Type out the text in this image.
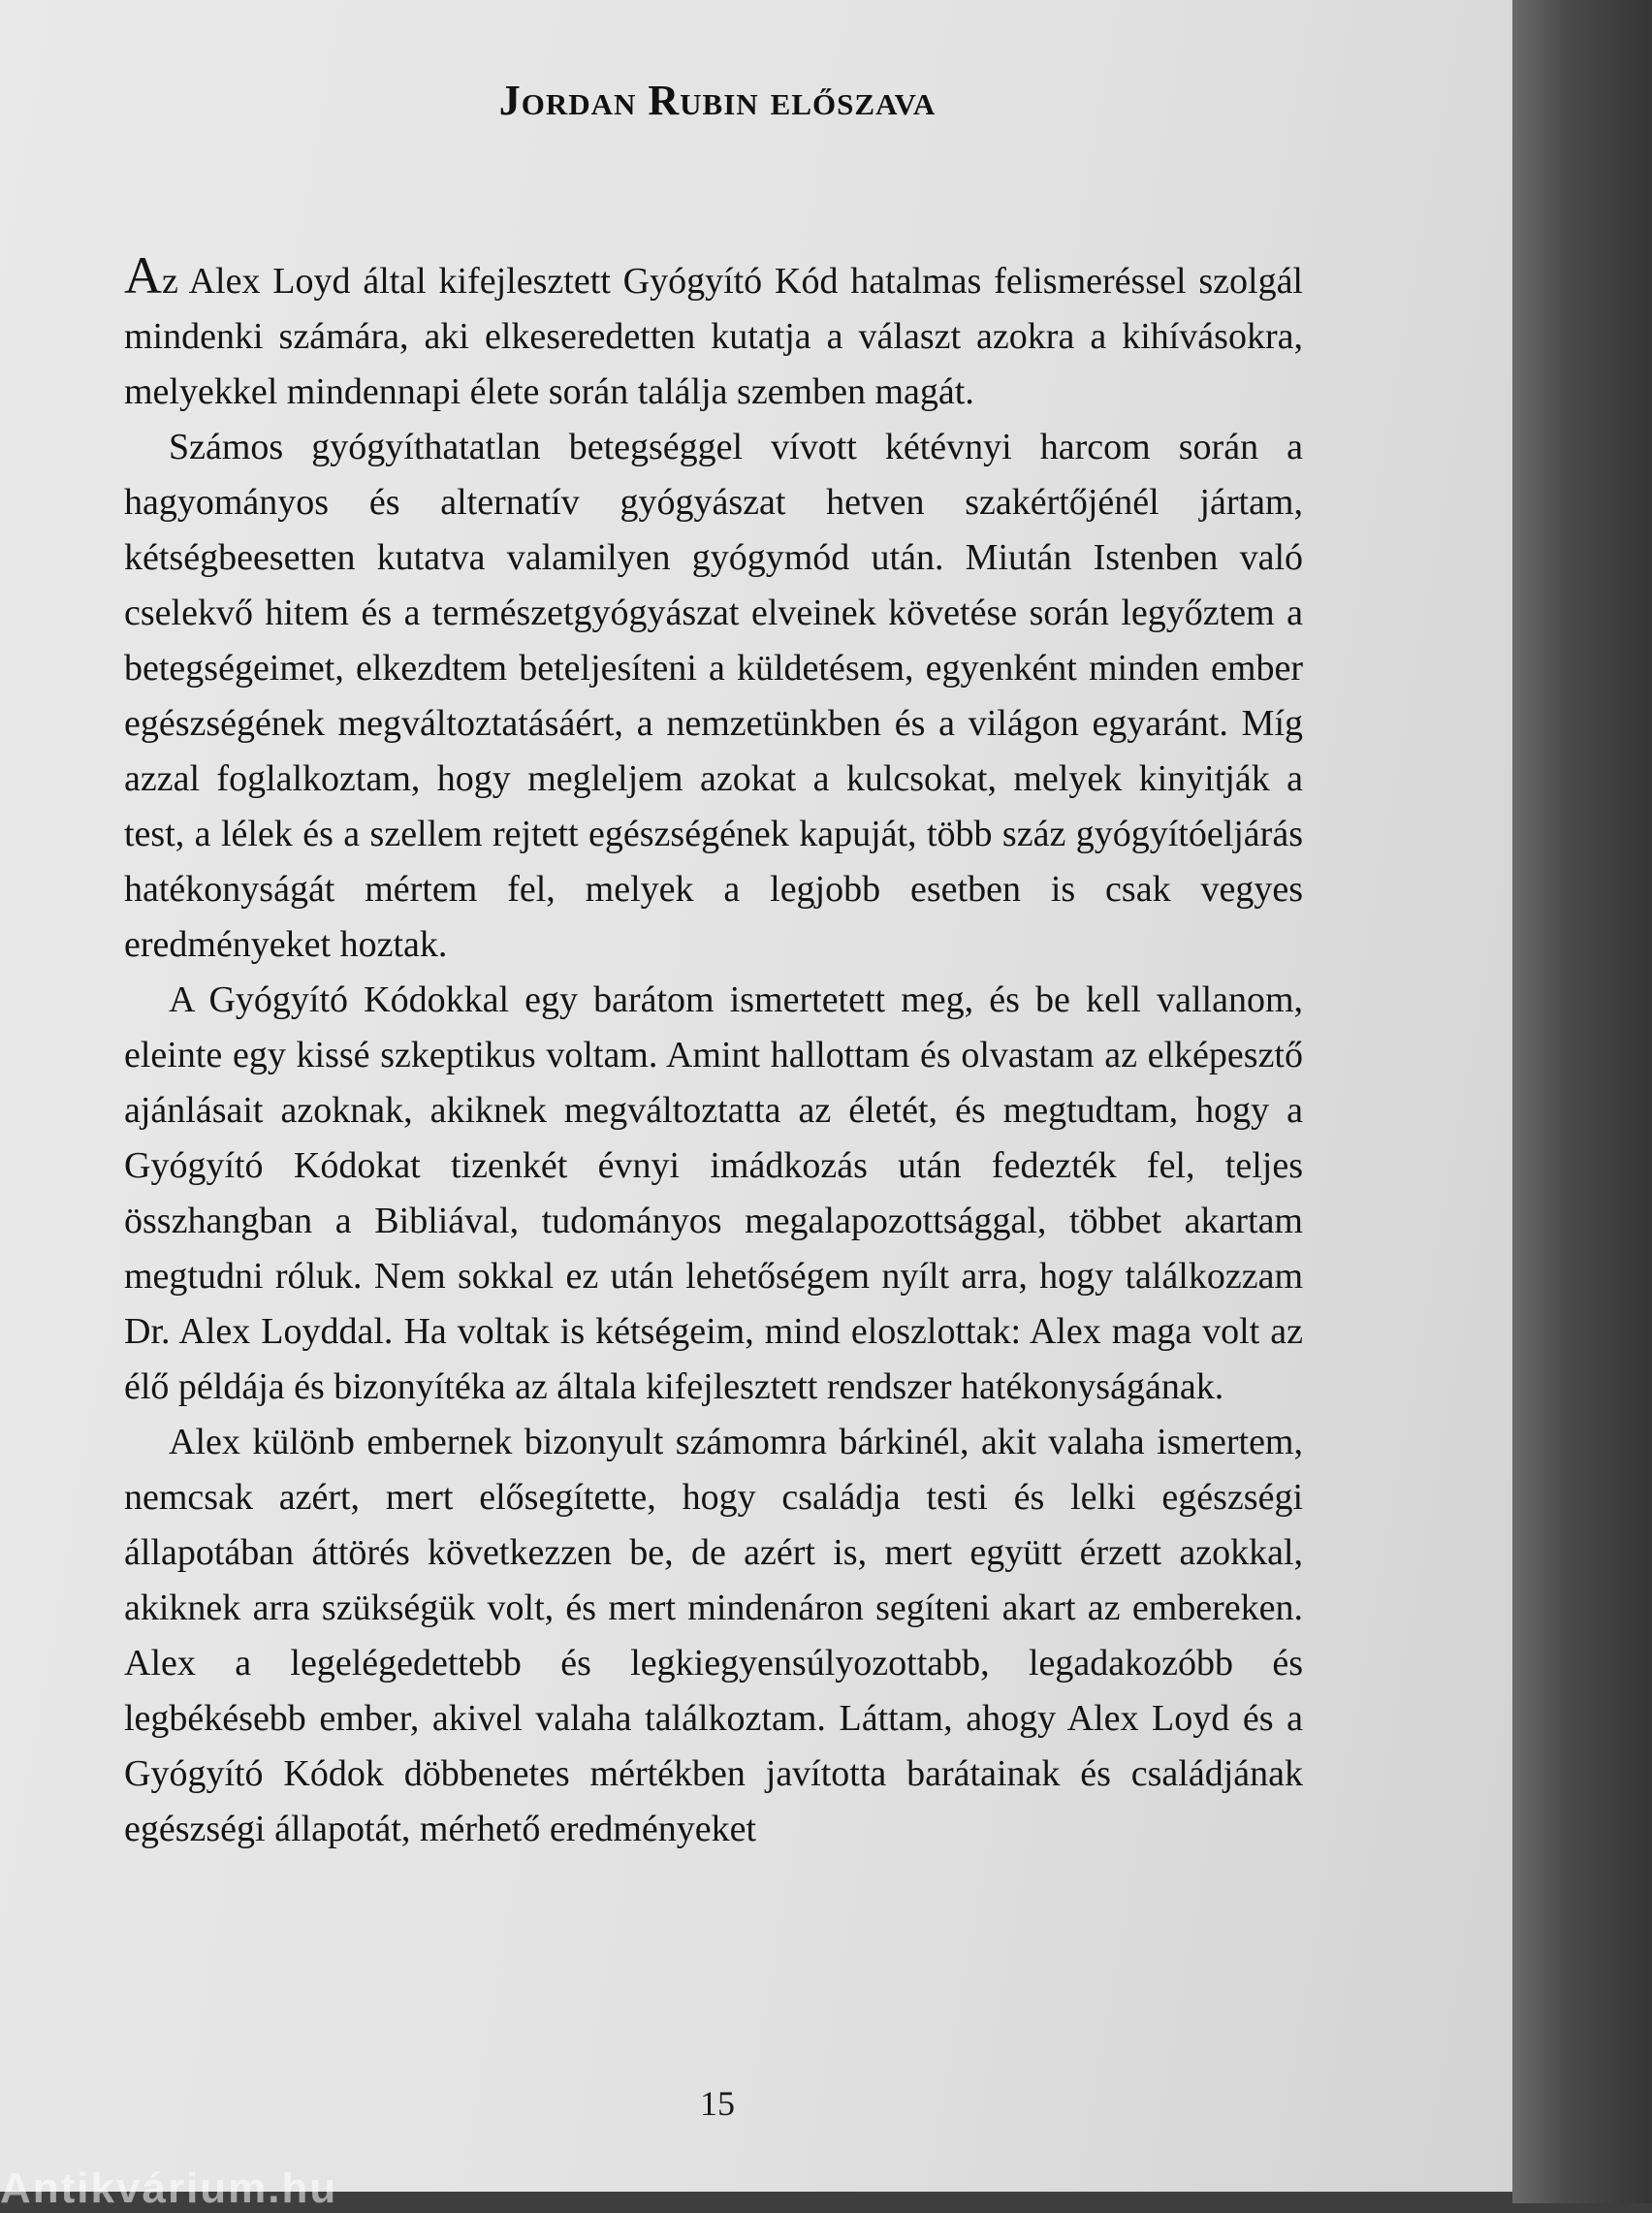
Jordan Rubin előszava

Az Alex Loyd által kifejlesztett Gyógyító Kód hatalmas felismeréssel szolgál mindenki számára, aki elkeseredetten kutatja a választ azokra a kihívásokra, melyekkel mindennapi élete során találja szemben magát.

Számos gyógyíthatatlan betegséggel vívott kétévnyi harcom során a hagyományos és alternatív gyógyászat hetven szakértőjénél jártam, kétségbeesetten kutatva valamilyen gyógymód után. Miután Istenben való cselekvő hitem és a természetgyógyászat elveinek követése során legyőztem a betegségeimet, elkezdtem beteljesíteni a küldetésem, egyenként minden ember egészségének megváltoztatásáért, a nemzetünkben és a világon egyaránt. Míg azzal foglalkoztam, hogy megleljem azokat a kulcsokat, melyek kinyitják a test, a lélek és a szellem rejtett egészségének kapuját, több száz gyógyítóeljárás hatékonyságát mértem fel, melyek a legjobb esetben is csak vegyes eredményeket hoztak.

A Gyógyító Kódokkal egy barátom ismertetett meg, és be kell vallanom, eleinte egy kissé szkeptikus voltam. Amint hallottam és olvastam az elképesztő ajánlásait azoknak, akiknek megváltoztatta az életét, és megtudtam, hogy a Gyógyító Kódokat tizenkét évnyi imádkozás után fedezték fel, teljes összhangban a Bibliával, tudományos megalapozottsággal, többet akartam megtudni róluk. Nem sokkal ez után lehetőségem nyílt arra, hogy találkozzam Dr. Alex Loyddal. Ha voltak is kétségeim, mind eloszlottak: Alex maga volt az élő példája és bizonyítéka az általa kifejlesztett rendszer hatékonyságának.

Alex különb embernek bizonyult számomra bárkinél, akit valaha ismertem, nemcsak azért, mert elősegítette, hogy családja testi és lelki egészségi állapotában áttörés következzen be, de azért is, mert együtt érzett azokkal, akiknek arra szükségük volt, és mert mindenáron segíteni akart az embereken. Alex a legelégedettebb és legkiegyensúlyozottabb, legadakozóbb és legbékésebb ember, akivel valaha találkoztam. Láttam, ahogy Alex Loyd és a Gyógyító Kódok döbbenetes mértékben javította barátainak és családjának egészségi állapotát, mérhető eredményeket

15
Antikvárium.hu
